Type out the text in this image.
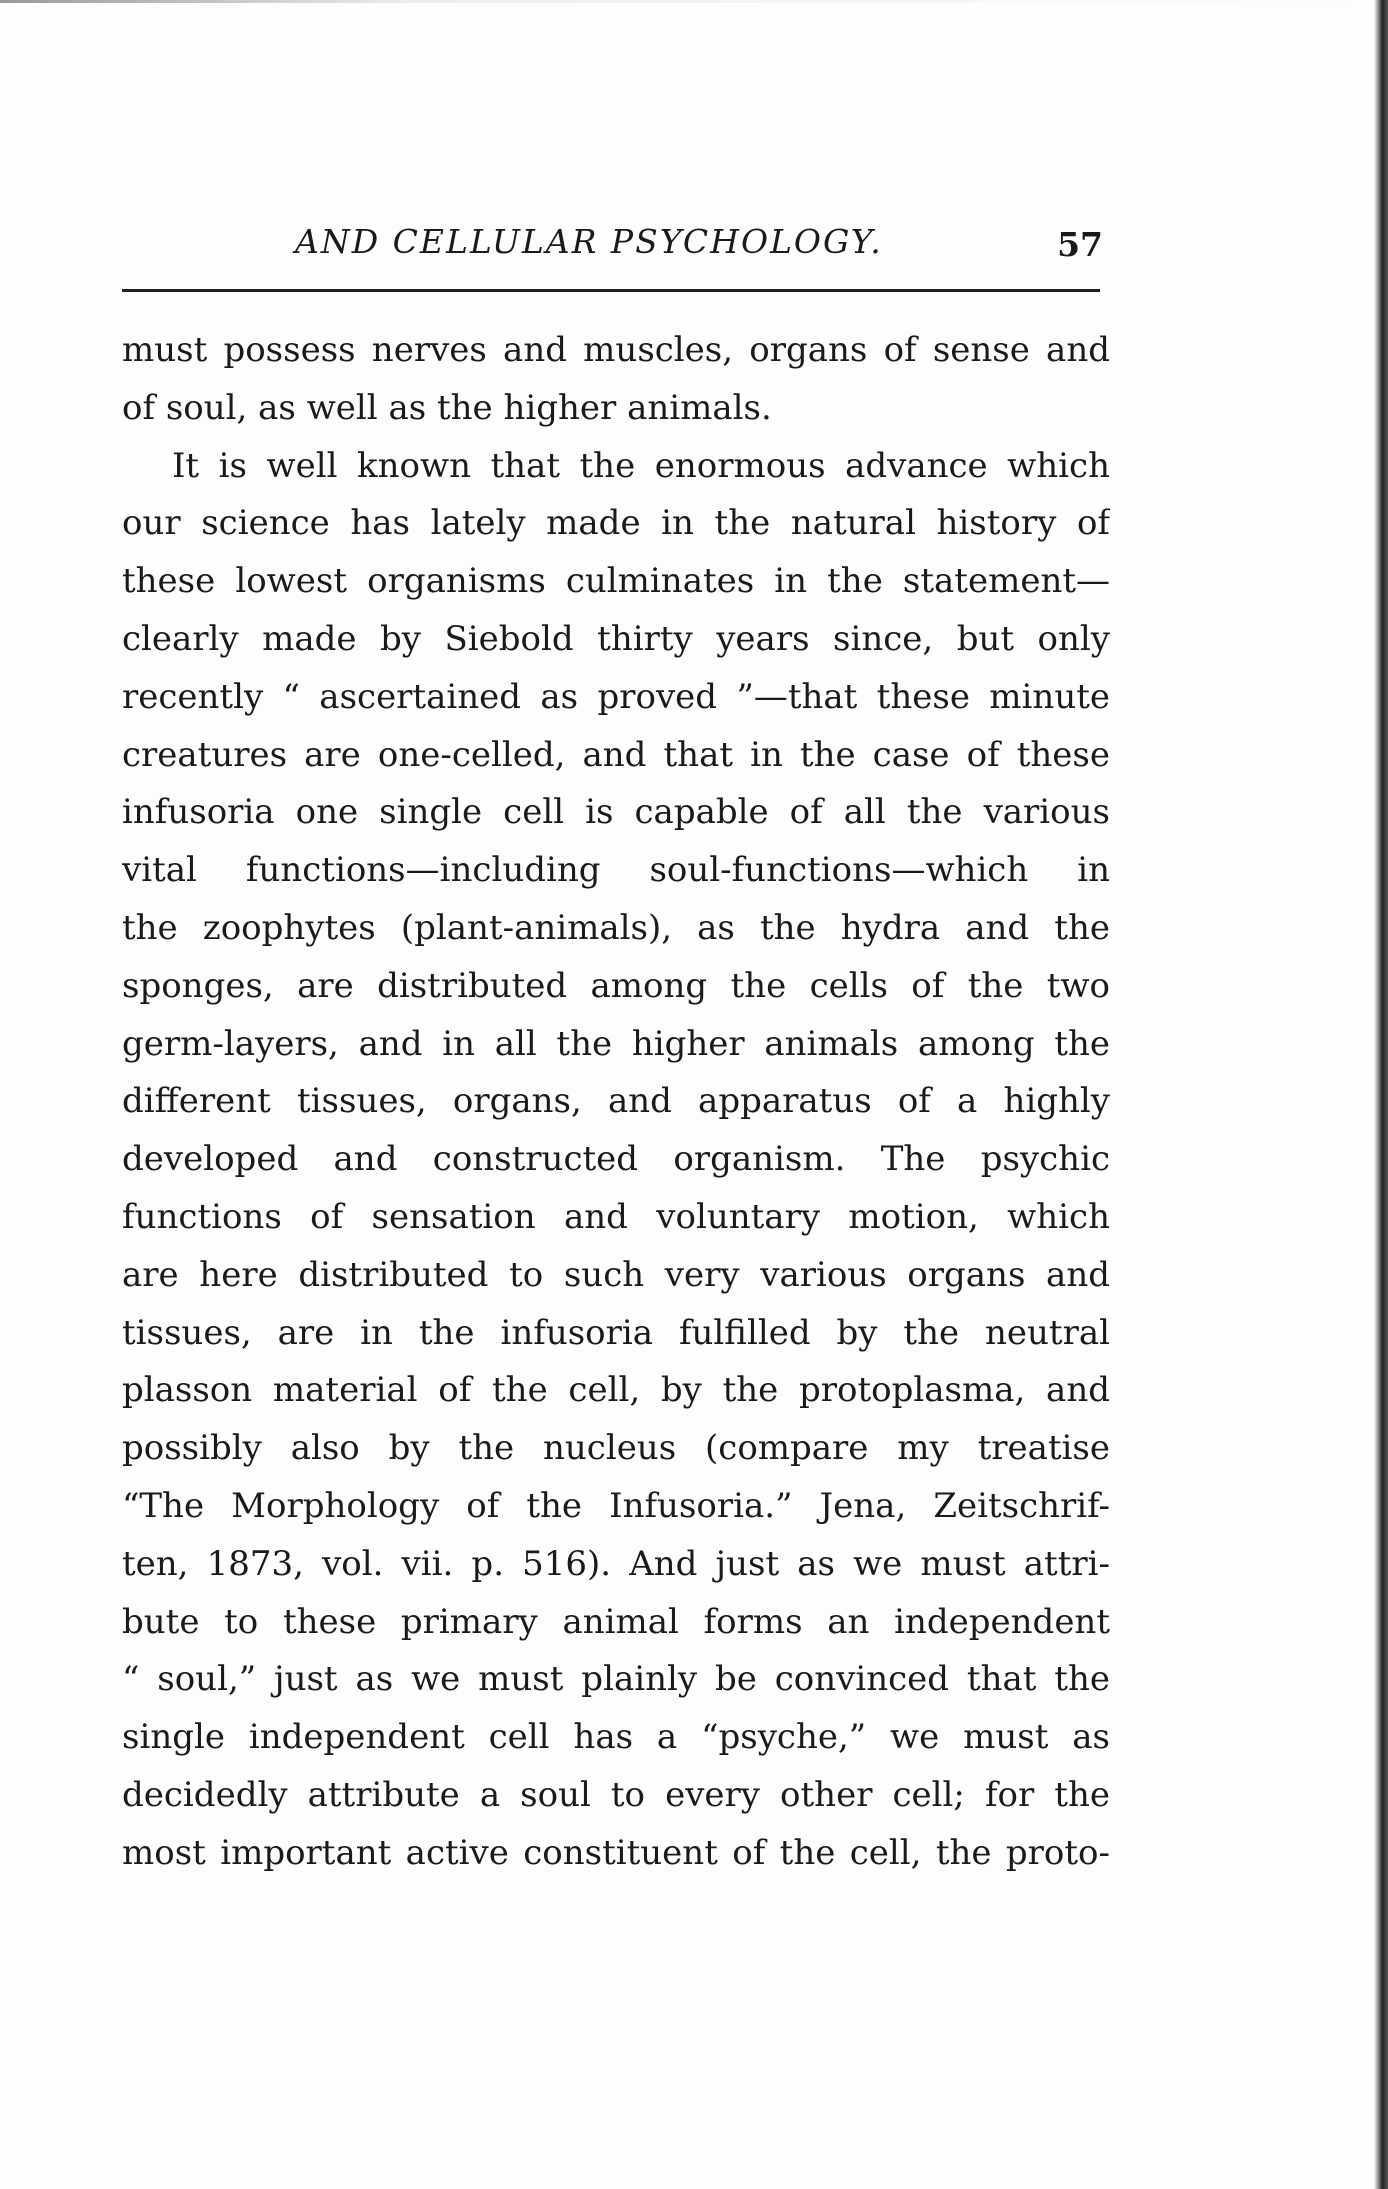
AND CELLULAR PSYCHOLOGY.	57
must possess nerves and muscles, organs of sense and
of soul, as well as the higher animals.
It is well known that the enormous advance which
our science has lately made in the natural history of
these lowest organisms culminates in the statement—
clearly made by Siebold thirty years since, but only
recently “ ascertained as proved ”—that these minute
creatures are one-celled, and that in the case of these
infusoria one single cell is capable of all the various
vital functions—including soul-functions—which in
the zoophytes (plant-animals), as the hydra and the
sponges, are distributed among the cells of the two
germ-layers, and in all the higher animals among the
different tissues, organs, and apparatus of a highly
developed and constructed organism. The psychic
functions of sensation and voluntary motion, which
are here distributed to such very various organs and
tissues, are in the infusoria fulfilled by the neutral
plasson material of the cell, by the protoplasma, and
possibly also by the nucleus (compare my treatise
“The Morphology of the Infusoria.” Jena, Zeitschrif-
ten, 1873, vol. vii. p. 516). And just as we must attri-
bute to these primary animal forms an independent
“ soul,” just as we must plainly be convinced that the
single independent cell has a “psyche,” we must as
decidedly attribute a soul to every other cell; for the
most important active constituent of the cell, the proto-
